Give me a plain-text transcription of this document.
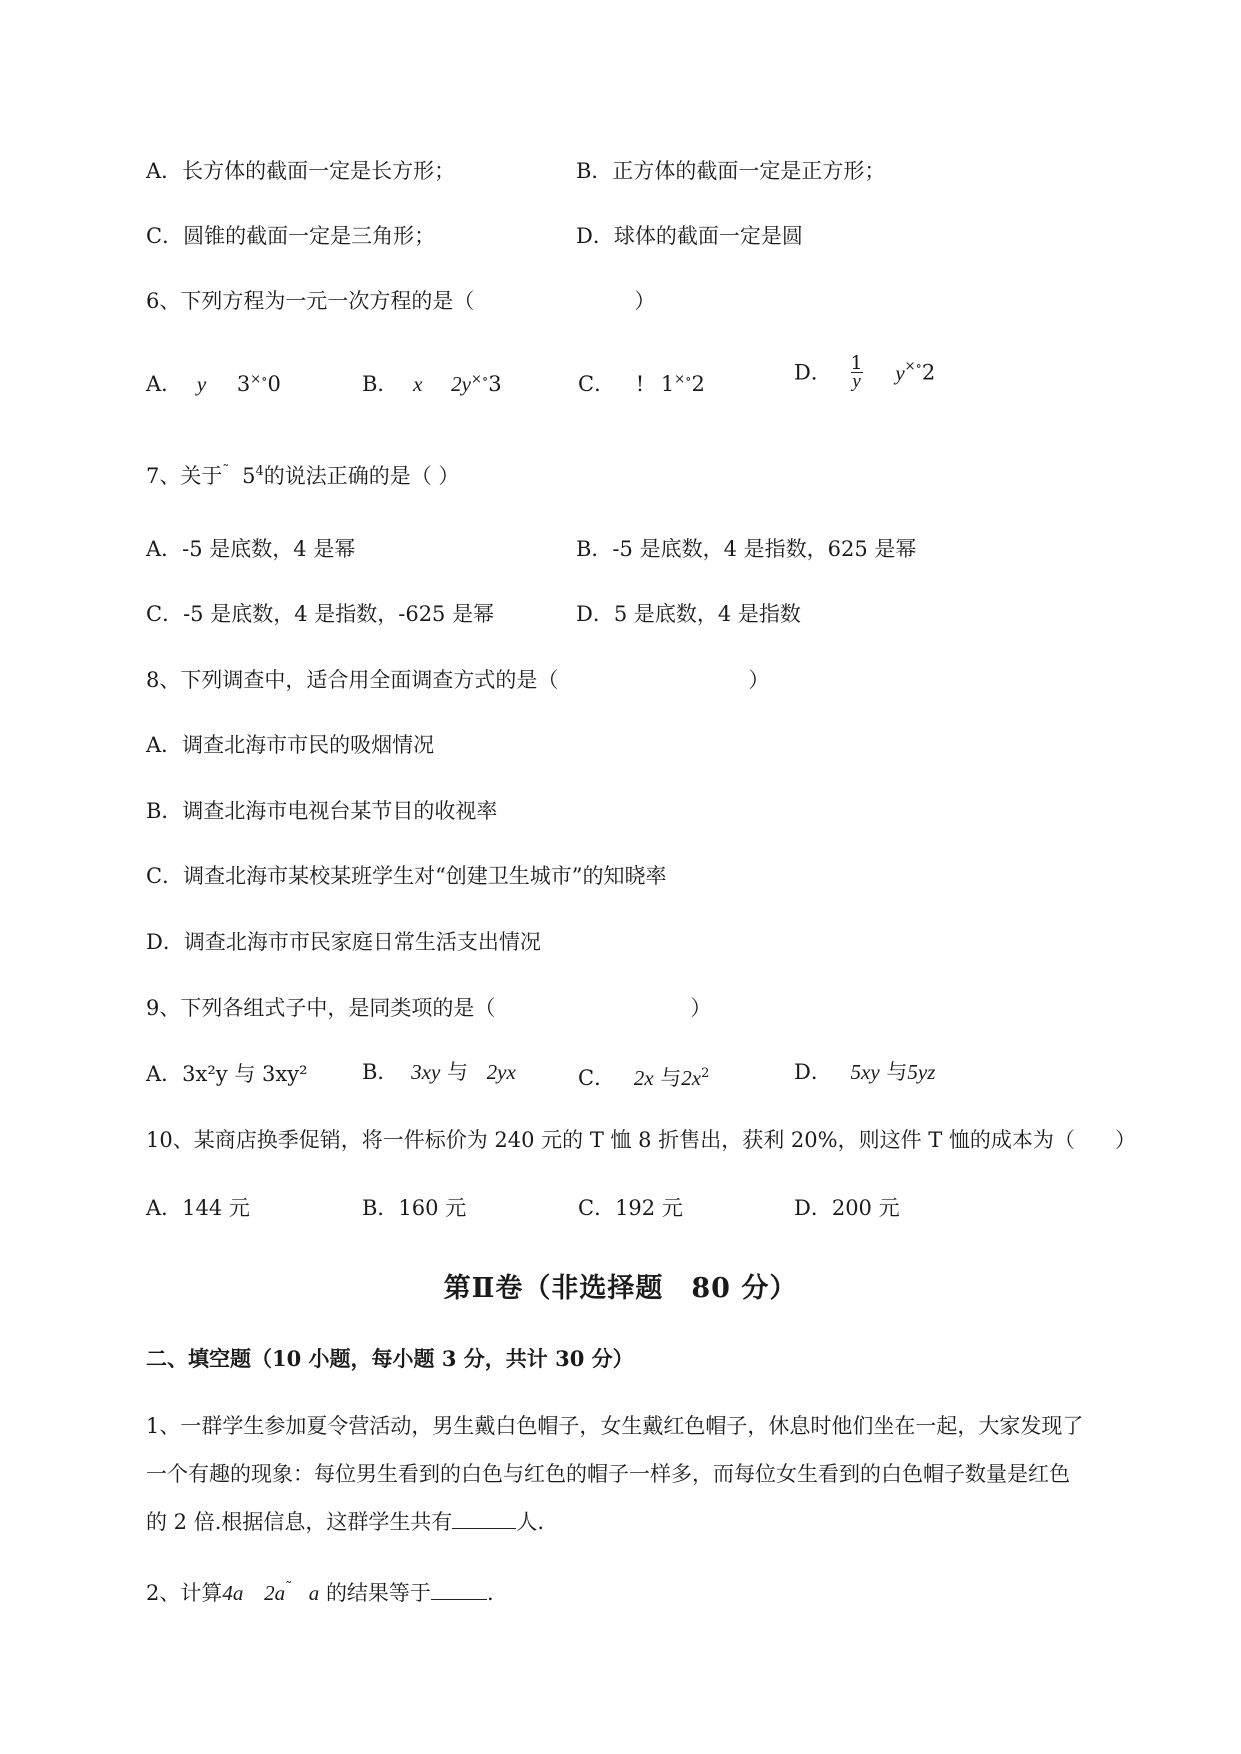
A．长方体的截面一定是长方形；	B．正方体的截面一定是正方形；
C．圆锥的截面一定是三角形；	D．球体的截面一定是圆
6、下列方程为一元一次方程的是（	）
A． y 3×∘0	B． x 2y×∘3	C． ! 1×∘2	D． $\frac{1}{y} y^{\times\circ}2$
7、关于˜ $5^4$的说法正确的是（ ）
A．-5 是底数，4 是幂	B．-5 是底数，4 是指数，625 是幂
C．-5 是底数，4 是指数，-625 是幂	D．5 是底数，4 是指数
8、下列调查中，适合用全面调查方式的是（	）
A．调查北海市市民的吸烟情况
B．调查北海市电视台某节目的收视率
C．调查北海市某校某班学生对“创建卫生城市”的知晓率
D．调查北海市市民家庭日常生活支出情况
9、下列各组式子中，是同类项的是（	）
A．3x²y 与 3xy²	B． 3xy 与 2yx	C． 2x 与$2x^2$	D． 5xy 与5yz
10、某商店换季促销，将一件标价为 240 元的 T 恤 8 折售出，获利 20%，则这件 T 恤的成本为（ ）
A．144 元	B．160 元	C．192 元	D．200 元
第Ⅱ卷（非选择题　80 分）
二、填空题（10 小题，每小题 3 分，共计 30 分）
1、一群学生参加夏令营活动，男生戴白色帽子，女生戴红色帽子，休息时他们坐在一起，大家发现了
一个有趣的现象：每位男生看到的白色与红色的帽子一样多，而每位女生看到的白色帽子数量是红色
的 2 倍.根据信息，这群学生共有	人.
2、计算4a 2a˜ a 的结果等于	.
